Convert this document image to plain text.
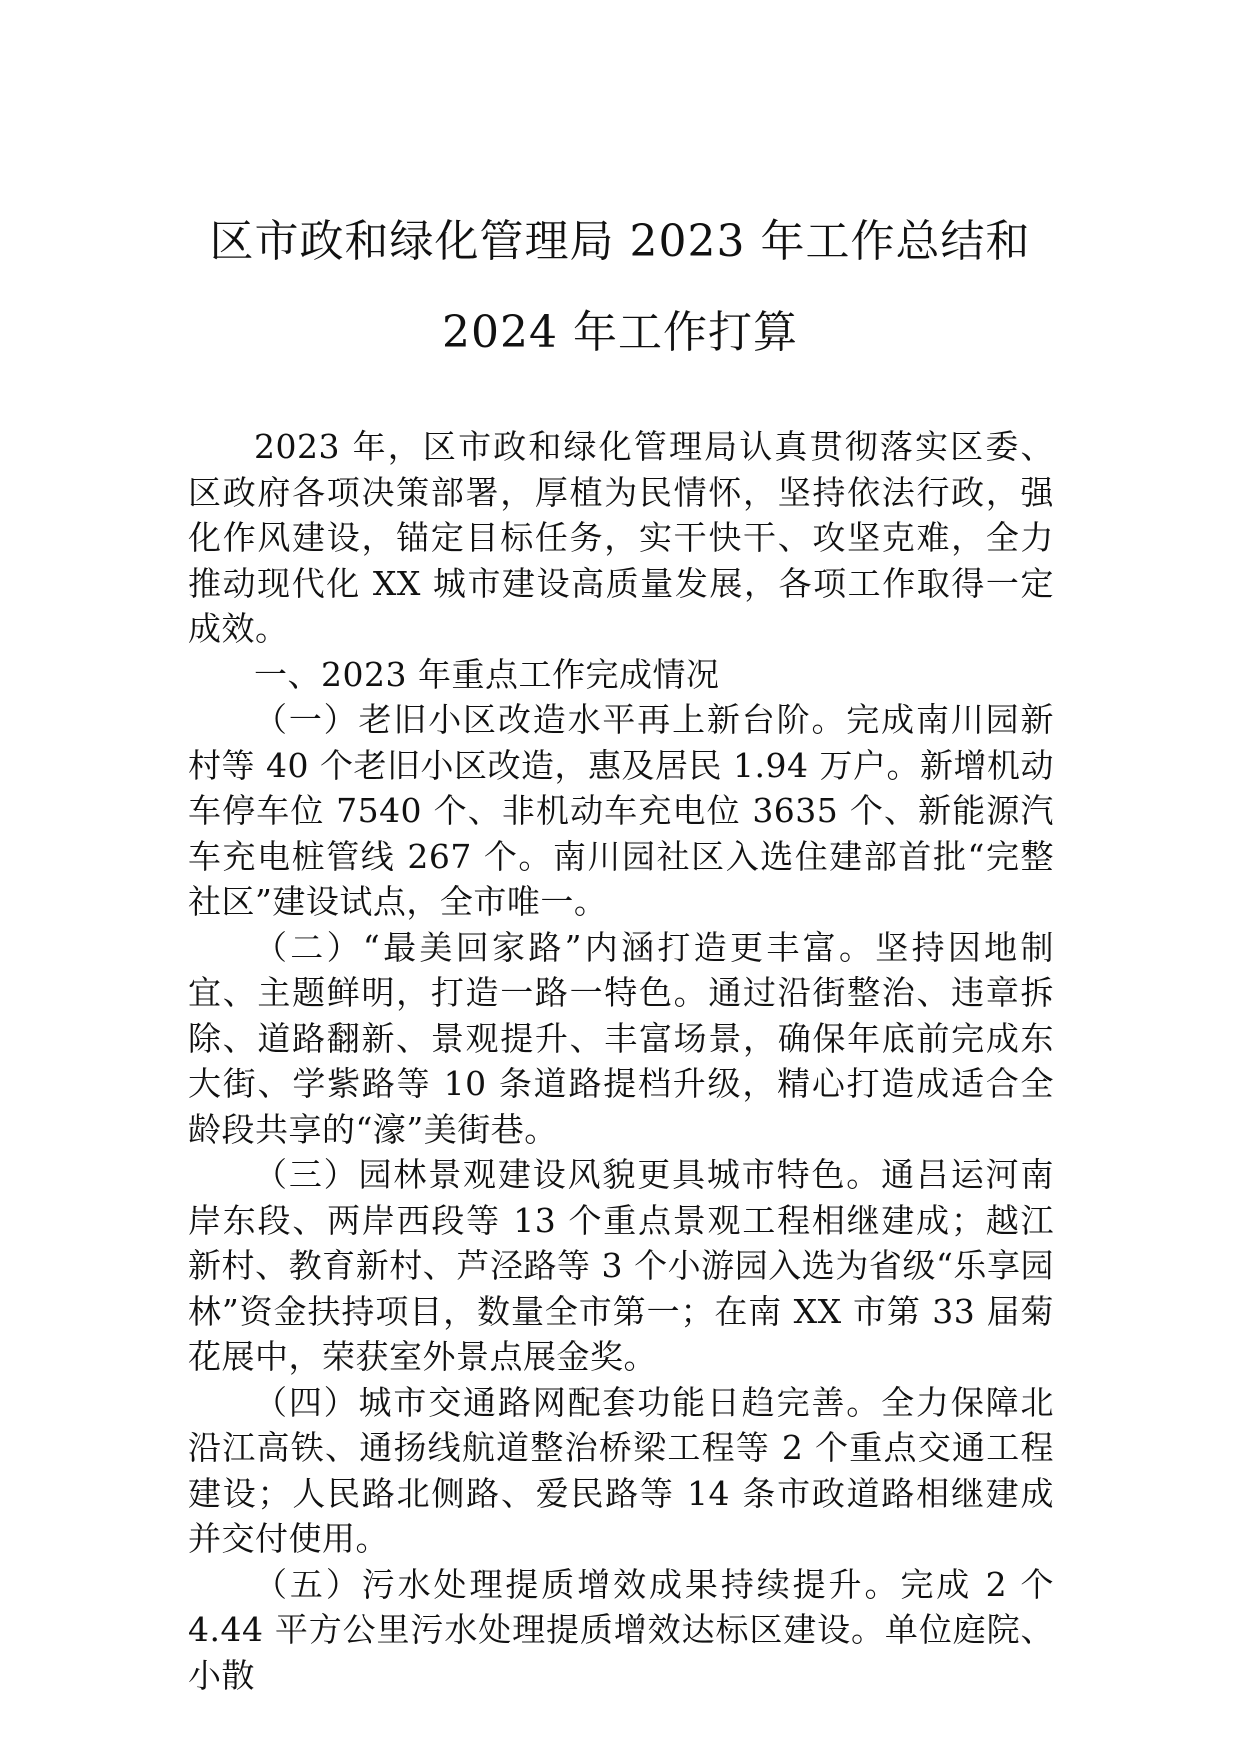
区市政和绿化管理局 2023 年工作总结和
2024 年工作打算

2023 年，区市政和绿化管理局认真贯彻落实区委、区政府各项决策部署，厚植为民情怀，坚持依法行政，强化作风建设，锚定目标任务，实干快干、攻坚克难，全力推动现代化 XX 城市建设高质量发展，各项工作取得一定成效。

一、2023 年重点工作完成情况

（一）老旧小区改造水平再上新台阶。完成南川园新村等 40 个老旧小区改造，惠及居民 1.94 万户。新增机动车停车位 7540 个、非机动车充电位 3635 个、新能源汽车充电桩管线 267 个。南川园社区入选住建部首批“完整社区”建设试点，全市唯一。

（二）“最美回家路”内涵打造更丰富。坚持因地制宜、主题鲜明，打造一路一特色。通过沿街整治、违章拆除、道路翻新、景观提升、丰富场景，确保年底前完成东大街、学紫路等 10 条道路提档升级，精心打造成适合全龄段共享的“濠”美街巷。

（三）园林景观建设风貌更具城市特色。通吕运河南岸东段、两岸西段等 13 个重点景观工程相继建成；越江新村、教育新村、芦泾路等 3 个小游园入选为省级“乐享园林”资金扶持项目，数量全市第一；在南 XX 市第 33 届菊花展中，荣获室外景点展金奖。

（四）城市交通路网配套功能日趋完善。全力保障北沿江高铁、通扬线航道整治桥梁工程等 2 个重点交通工程建设；人民路北侧路、爱民路等 14 条市政道路相继建成并交付使用。

（五）污水处理提质增效成果持续提升。完成 2 个 4.44 平方公里污水处理提质增效达标区建设。单位庭院、小散
